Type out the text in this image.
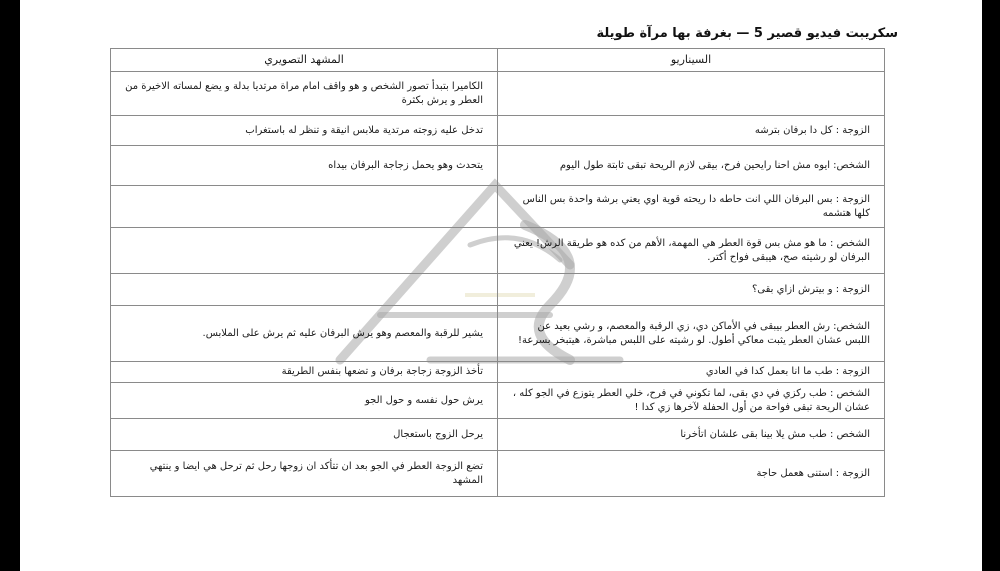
سكريبت فيديو قصير 5 — بغرفة بها مرآة طويلة
السيناريو	المشهد التصويري
	الكاميرا بتبدأ تصور الشخص و هو واقف امام مراة مرتديا بدلة و يضع لمساته الاخيرة من العطر و يرش بكثرة
الزوجة : كل دا برفان بترشه	تدخل عليه زوجته مرتدية ملابس انيقة و تنظر له باستغراب
الشخص: ايوه مش احنا رايحين فرح، بيقى لازم الريحة تبقى ثابتة طول اليوم	يتحدث وهو يحمل زجاجة البرفان بيداه
الزوجة : بس البرفان اللي انت حاطه دا ريحته قوية اوي يعني برشة واحدة بس الناس كلها هتشمه	
الشخص : ما هو مش بس قوة العطر هي المهمة، الأهم من كده هو طريقة الرش! يعني البرفان لو رشيته صح، هيبقى فواح أكتر.	
الزوجة : و بيترش ازاي بقى؟	
الشخص: رش العطر بيبقى في الأماكن دي، زي الرقبة والمعصم، و رشي بعيد عن اللبس عشان العطر يثبت معاكي أطول. لو رشيته على اللبس مباشرة، هيتبخر بسرعة!	يشير للرقبة والمعصم وهو يرش البرفان عليه ثم يرش على الملابس.
الزوجة : طب ما انا بعمل كدا في العادي	تأخذ الزوجة زجاجة برفان و تضعها بنفس الطريقة
الشخص : طب ركزي في دي بقى، لما تكوني في فرح، خلي العطر يتوزع في الجو كله ، عشان الريحة تبقى فواحة من أول الحفلة لآخرها زي كدا !	يرش حول نفسه و حول الجو
الشخص : طب مش يلا بينا بقى علشان اتأخرنا	يرحل الزوج باستعجال
الزوجة : استنى هعمل حاجة	تضع الزوجة العطر في الجو بعد ان تتأكد ان زوجها رحل ثم ترحل هي ايضا و ينتهي المشهد
